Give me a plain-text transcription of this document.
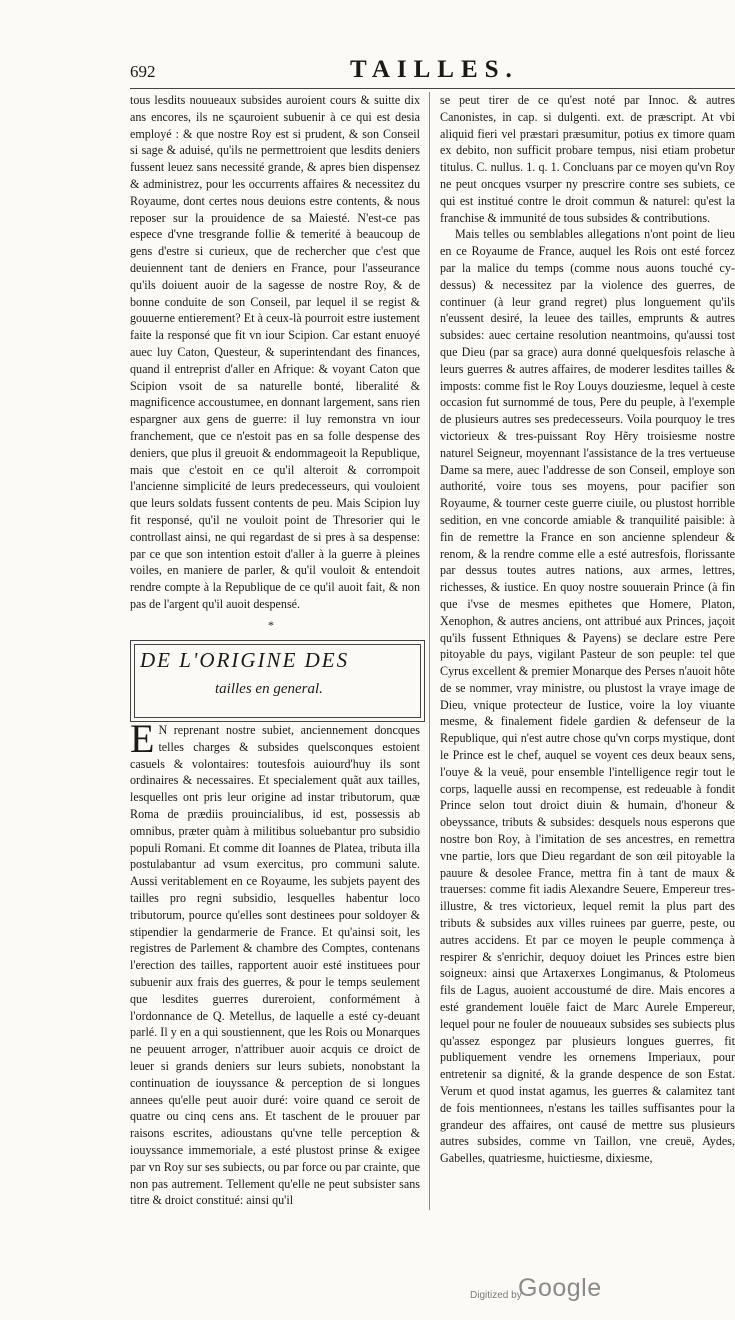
692	TAILLES.

tous lesdits nouueaux subsides auroient cours & suitte dix ans encores, ils ne sçauroient subuenir à ce qui est desia employé : & que nostre Roy est si prudent, & son Conseil si sage & aduisé, qu'ils ne permettroient que lesdits deniers fussent leuez sans necessité grande, & apres bien dispensez & administrez, pour les occurrents affaires & necessitez du Royaume, dont certes nous deuions estre contents, & nous reposer sur la prouidence de sa Maiesté. N'est-ce pas espece d'vne tresgrande follie & temerité à beaucoup de gens d'estre si curieux, que de rechercher que c'est que deuiennent tant de deniers en France, pour l'asseurance qu'ils doiuent auoir de la sagesse de nostre Roy, & de bonne conduite de son Conseil, par lequel il se regist & gouuerne entierement? Et à ceux-là pourroit estre iustement faite la responsé que fit vn iour Scipion. Car estant enuoyé auec luy Caton, Questeur, & superintendant des finances, quand il entreprist d'aller en Afrique: & voyant Caton que Scipion vsoit de sa naturelle bonté, liberalité & magnificence accoustumee, en donnant largement, sans rien espargner aux gens de guerre: il luy remonstra vn iour franchement, que ce n'estoit pas en sa folle despense des deniers, que plus il greuoit & endommageoit la Republique, mais que c'estoit en ce qu'il alteroit & corrompoit l'ancienne simplicité de leurs predecesseurs, qui vouloient que leurs soldats fussent contents de peu. Mais Scipion luy fit responsé, qu'il ne vouloit point de Thresorier qui le controllast ainsi, ne qui regardast de si pres à sa despense: par ce que son intention estoit d'aller à la guerre à pleines voiles, en maniere de parler, & qu'il vouloit & entendoit rendre compte à la Republique de ce qu'il auoit fait, & non pas de l'argent qu'il auoit despensé.

*
DE L'ORIGINE DES
tailles en general.
E N reprenant nostre subiet, anciennement doncques telles charges & subsides quelsconques estoient casuels & volontaires: toutesfois auiourd'huy ils sont ordinaires & necessaires. Et specialement quãt aux tailles, lesquelles ont pris leur origine ad instar tributorum, quæ Roma de prædiis prouincialibus, id est, possessis ab omnibus, præter quàm à militibus soluebantur pro subsidio populi Romani. Et comme dit Ioannes de Platea, tributa illa postulabantur ad vsum exercitus, pro communi salute. Aussi veritablement en ce Royaume, les subjets payent des tailles pro regni subsidio, lesquelles habentur loco tributorum, pource qu'elles sont destinees pour soldoyer & stipendier la gendarmerie de France. Et qu'ainsi soit, les registres de Parlement & chambre des Comptes, contenans l'erection des tailles, rapportent auoir esté instituees pour subuenir aux frais des guerres, & pour le temps seulement que lesdites guerres dureroient, conformément à l'ordonnance de Q. Metellus, de laquelle a esté cy-deuant parlé. Il y en a qui soustiennent, que les Rois ou Monarques ne peuuent arroger, n'attribuer auoir acquis ce droict de leuer si grands deniers sur leurs subiets, nonobstant la continuation de iouyssance & perception de si longues annees qu'elle peut auoir duré: voire quand ce seroit de quatre ou cinq cens ans. Et taschent de le prouuer par raisons escrites, adioustans qu'vne telle perception & iouyssance immemoriale, a esté plustost prinse & exigee par vn Roy sur ses subiects, ou par force ou par crainte, que non pas autrement. Tellement qu'elle ne peut subsister sans titre & droict constitué: ainsi qu'il

se peut tirer de ce qu'est noté par Innoc. & autres Canonistes, in cap. si dulgenti. ext. de præscript. At vbi aliquid fieri vel præstari præsumitur, potius ex timore quam ex debito, non sufficit probare tempus, nisi etiam probetur titulus. C. nullus. 1. q. 1. Concluans par ce moyen qu'vn Roy ne peut oncques vsurper ny prescrire contre ses subiets, ce qui est institué contre le droit commun & naturel: qu'est la franchise & immunité de tous subsides & contributions.

Mais telles ou semblables allegations n'ont point de lieu en ce Royaume de France, auquel les Rois ont esté forcez par la malice du temps (comme nous auons touché cy-dessus) & necessitez par la violence des guerres, de continuer (à leur grand regret) plus longuement qu'ils n'eussent desiré, la leuee des tailles, emprunts & autres subsides: auec certaine resolution neantmoins, qu'aussi tost que Dieu (par sa grace) aura donné quelquesfois relasche à leurs guerres & autres affaires, de moderer lesdites tailles & imposts: comme fist le Roy Louys douziesme, lequel à ceste occasion fut surnommé de tous, Pere du peuple, à l'exemple de plusieurs autres ses predecesseurs. Voila pourquoy le tres victorieux & tres-puissant Roy Hẽry troisiesme nostre naturel Seigneur, moyennant l'assistance de la tres vertueuse Dame sa mere, auec l'addresse de son Conseil, employe son authorité, voire tous ses moyens, pour pacifier son Royaume, & tourner ceste guerre ciuile, ou plustost horrible sedition, en vne concorde amiable & tranquilité paisible: à fin de remettre la France en son ancienne splendeur & renom, & la rendre comme elle a esté autresfois, florissante par dessus toutes autres nations, aux armes, lettres, richesses, & iustice. En quoy nostre souuerain Prince (à fin que i'vse de mesmes epithetes que Homere, Platon, Xenophon, & autres anciens, ont attribué aux Princes, jaçoit qu'ils fussent Ethniques & Payens) se declare estre Pere pitoyable du pays, vigilant Pasteur de son peuple: tel que Cyrus excellent & premier Monarque des Perses n'auoit hôte de se nommer, vray ministre, ou plustost la vraye image de Dieu, vnique protecteur de Iustice, voire la loy viuante mesme, & finalement fidele gardien & defenseur de la Republique, qui n'est autre chose qu'vn corps mystique, dont le Prince est le chef, auquel se voyent ces deux beaux sens, l'ouye & la veuë, pour ensemble l'intelligence regir tout le corps, laquelle aussi en recompense, est redeuable à fondit Prince selon tout droict diuin & humain, d'honeur & obeyssance, tributs & subsides: desquels nous esperons que nostre bon Roy, à l'imitation de ses ancestres, en remettra vne partie, lors que Dieu regardant de son œil pitoyable la pauure & desolee France, mettra fin à tant de maux & trauerses: comme fit iadis Alexandre Seuere, Empereur tres-illustre, & tres victorieux, lequel remit la plus part des tributs & subsides aux villes ruinees par guerre, peste, ou autres accidens. Et par ce moyen le peuple commença à respirer & s'enrichir, dequoy doiuet les Princes estre bien soigneux: ainsi que Artaxerxes Longimanus, & Ptolomeus fils de Lagus, auoient accoustumé de dire. Mais encores a esté grandement louële faict de Marc Aurele Empereur, lequel pour ne fouler de nouueaux subsides ses subiects plus qu'assez espongez par plusieurs longues guerres, fit publiquement vendre les ornemens Imperiaux, pour entretenir sa dignité, & la grande despence de son Estat. Verum et quod instat agamus, les guerres & calamitez tant de fois mentionnees, n'estans les tailles suffisantes pour la grandeur des affaires, ont causé de mettre sus plusieurs autres subsides, comme vn Taillon, vne creuë, Aydes, Gabelles, quatriesme, huictiesme, dixiesme,

Digitized by
Google
